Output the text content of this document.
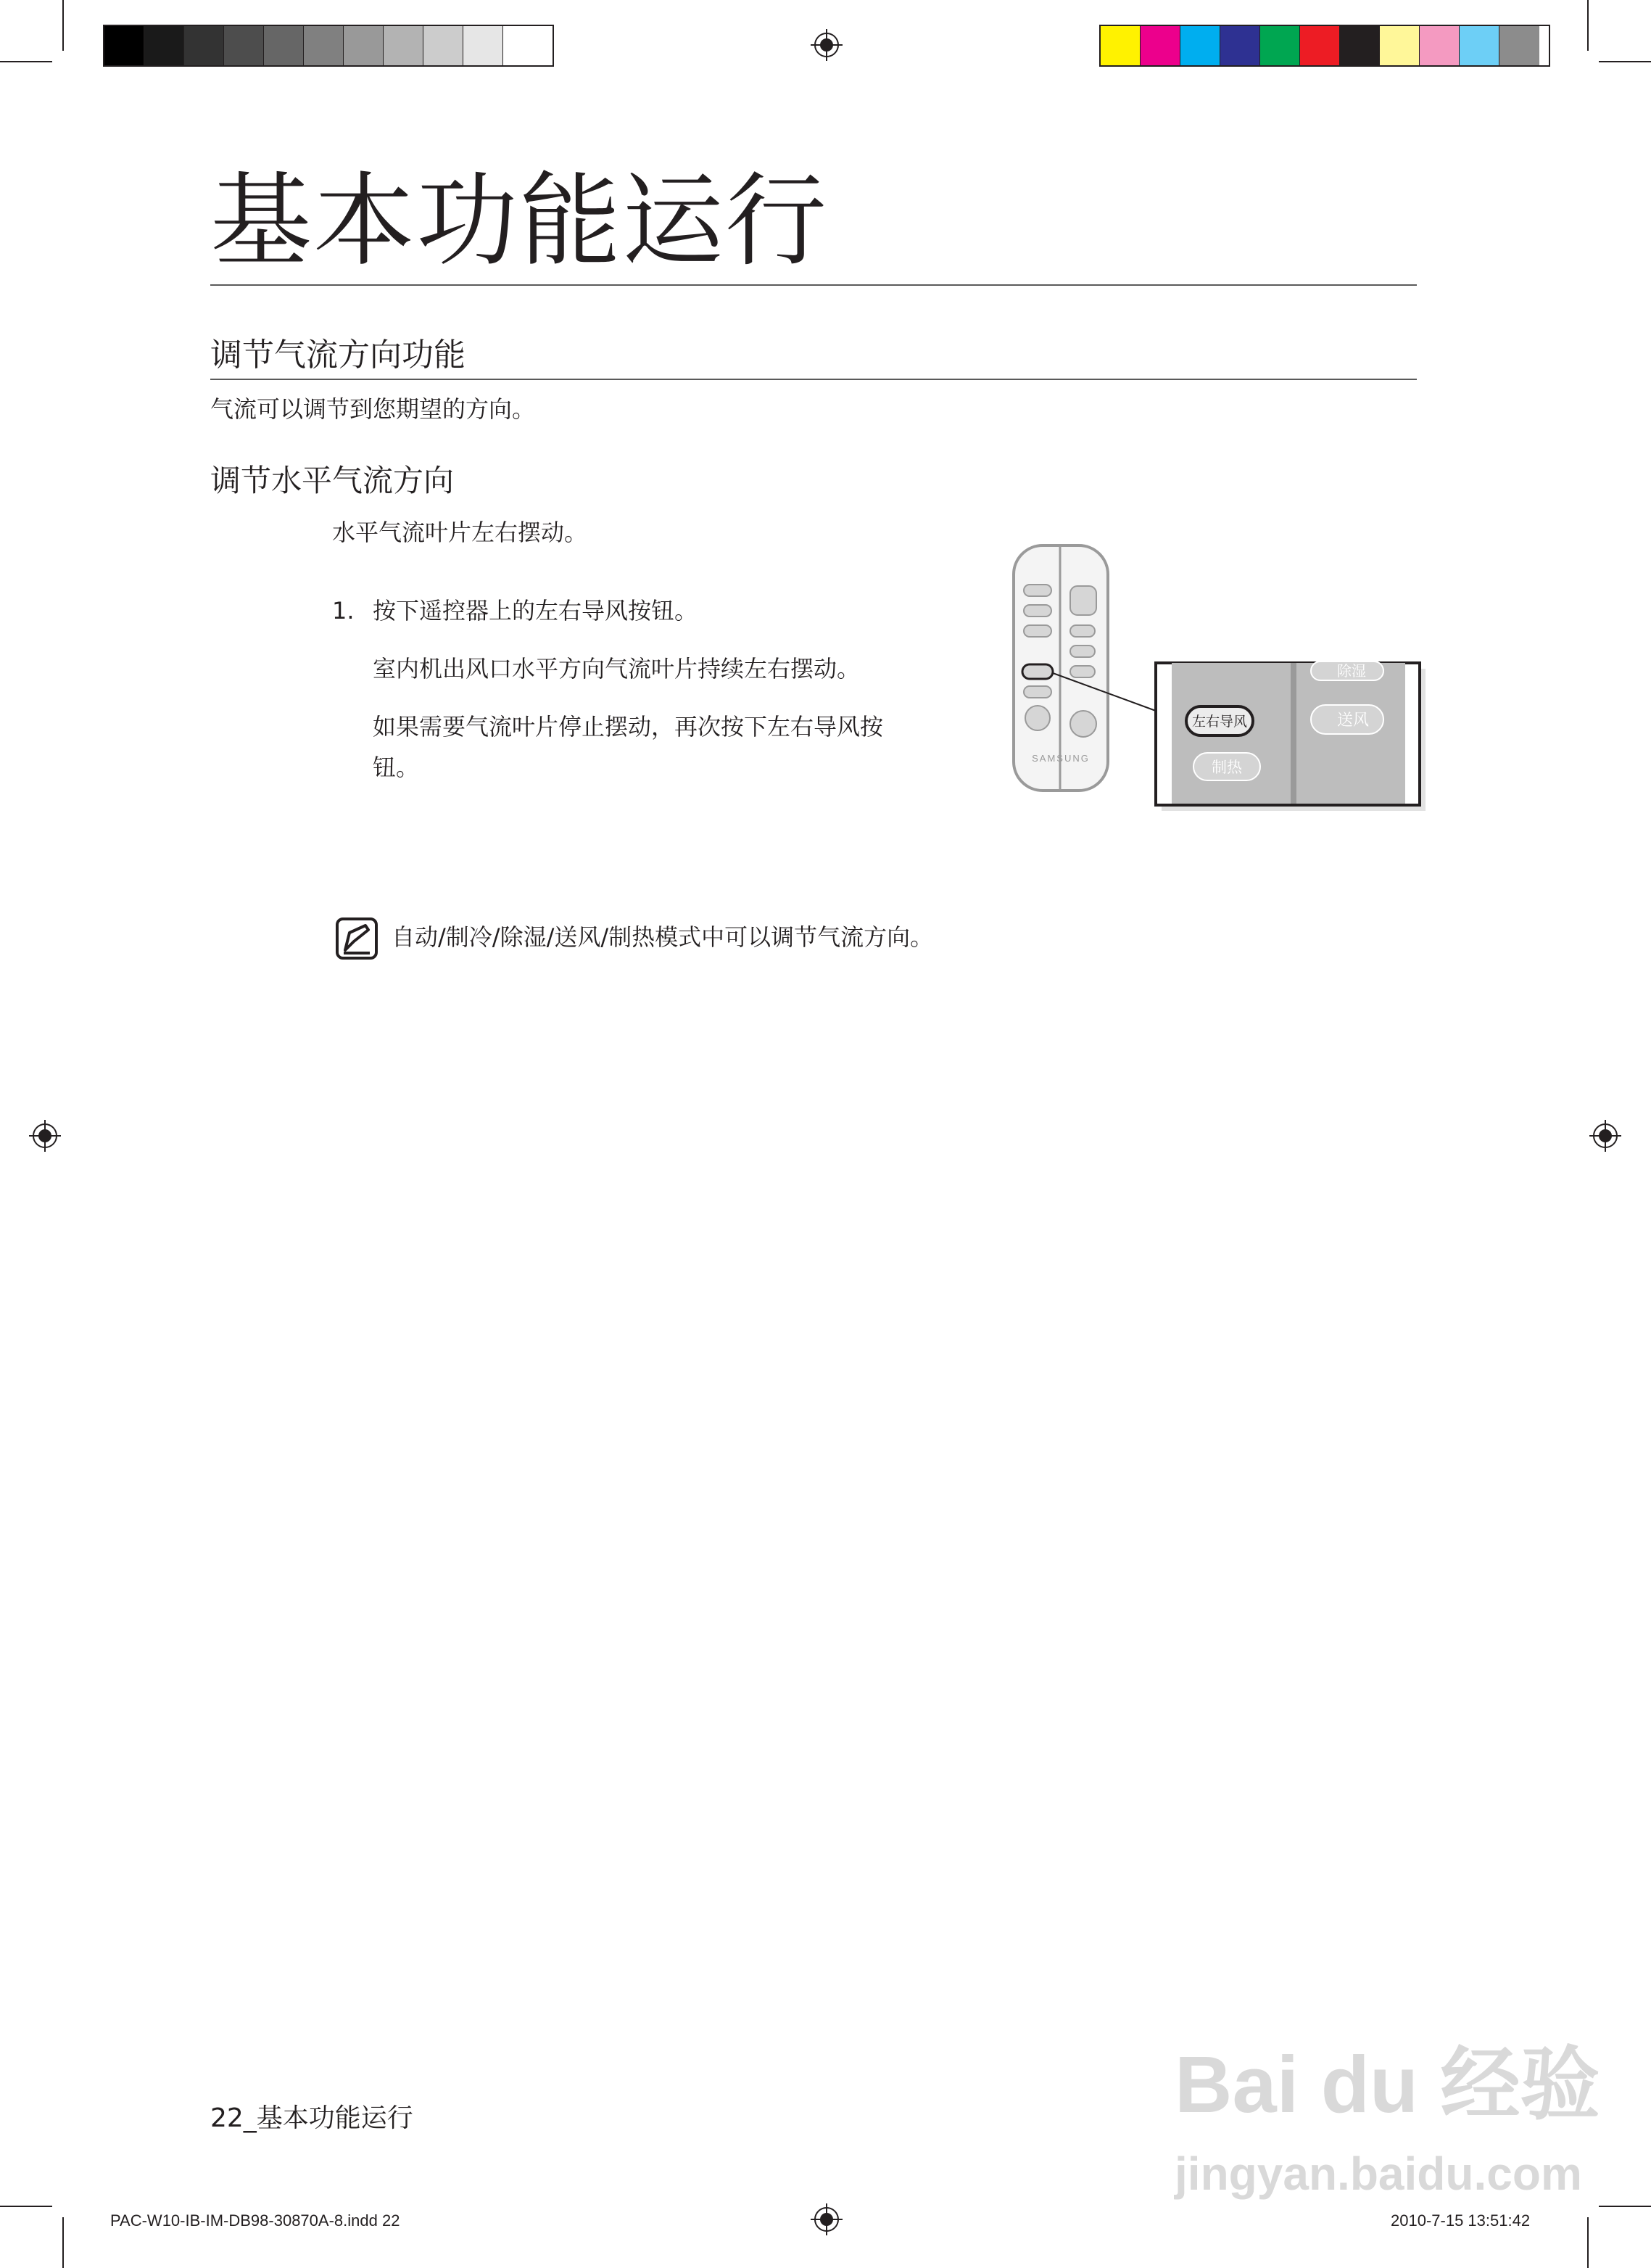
基本功能运行
调节气流方向功能
气流可以调节到您期望的方向。
调节水平气流方向
水平气流叶片左右摆动。
1. 按下遥控器上的左右导风按钮。
室内机出风口水平方向气流叶片持续左右摆动。
如果需要气流叶片停止摆动，再次按下左右导风按
钮。	SAMSUNG
左右导风
制热
送风
除湿
自动/制冷/除湿/送风/制热模式中可以调节气流方向。
22_基本功能运行
PAC-W10-IB-IM-DB98-30870A-8.indd 22	2010-7-15 13:51:42
Bai du 经验
jingyan.baidu.com
